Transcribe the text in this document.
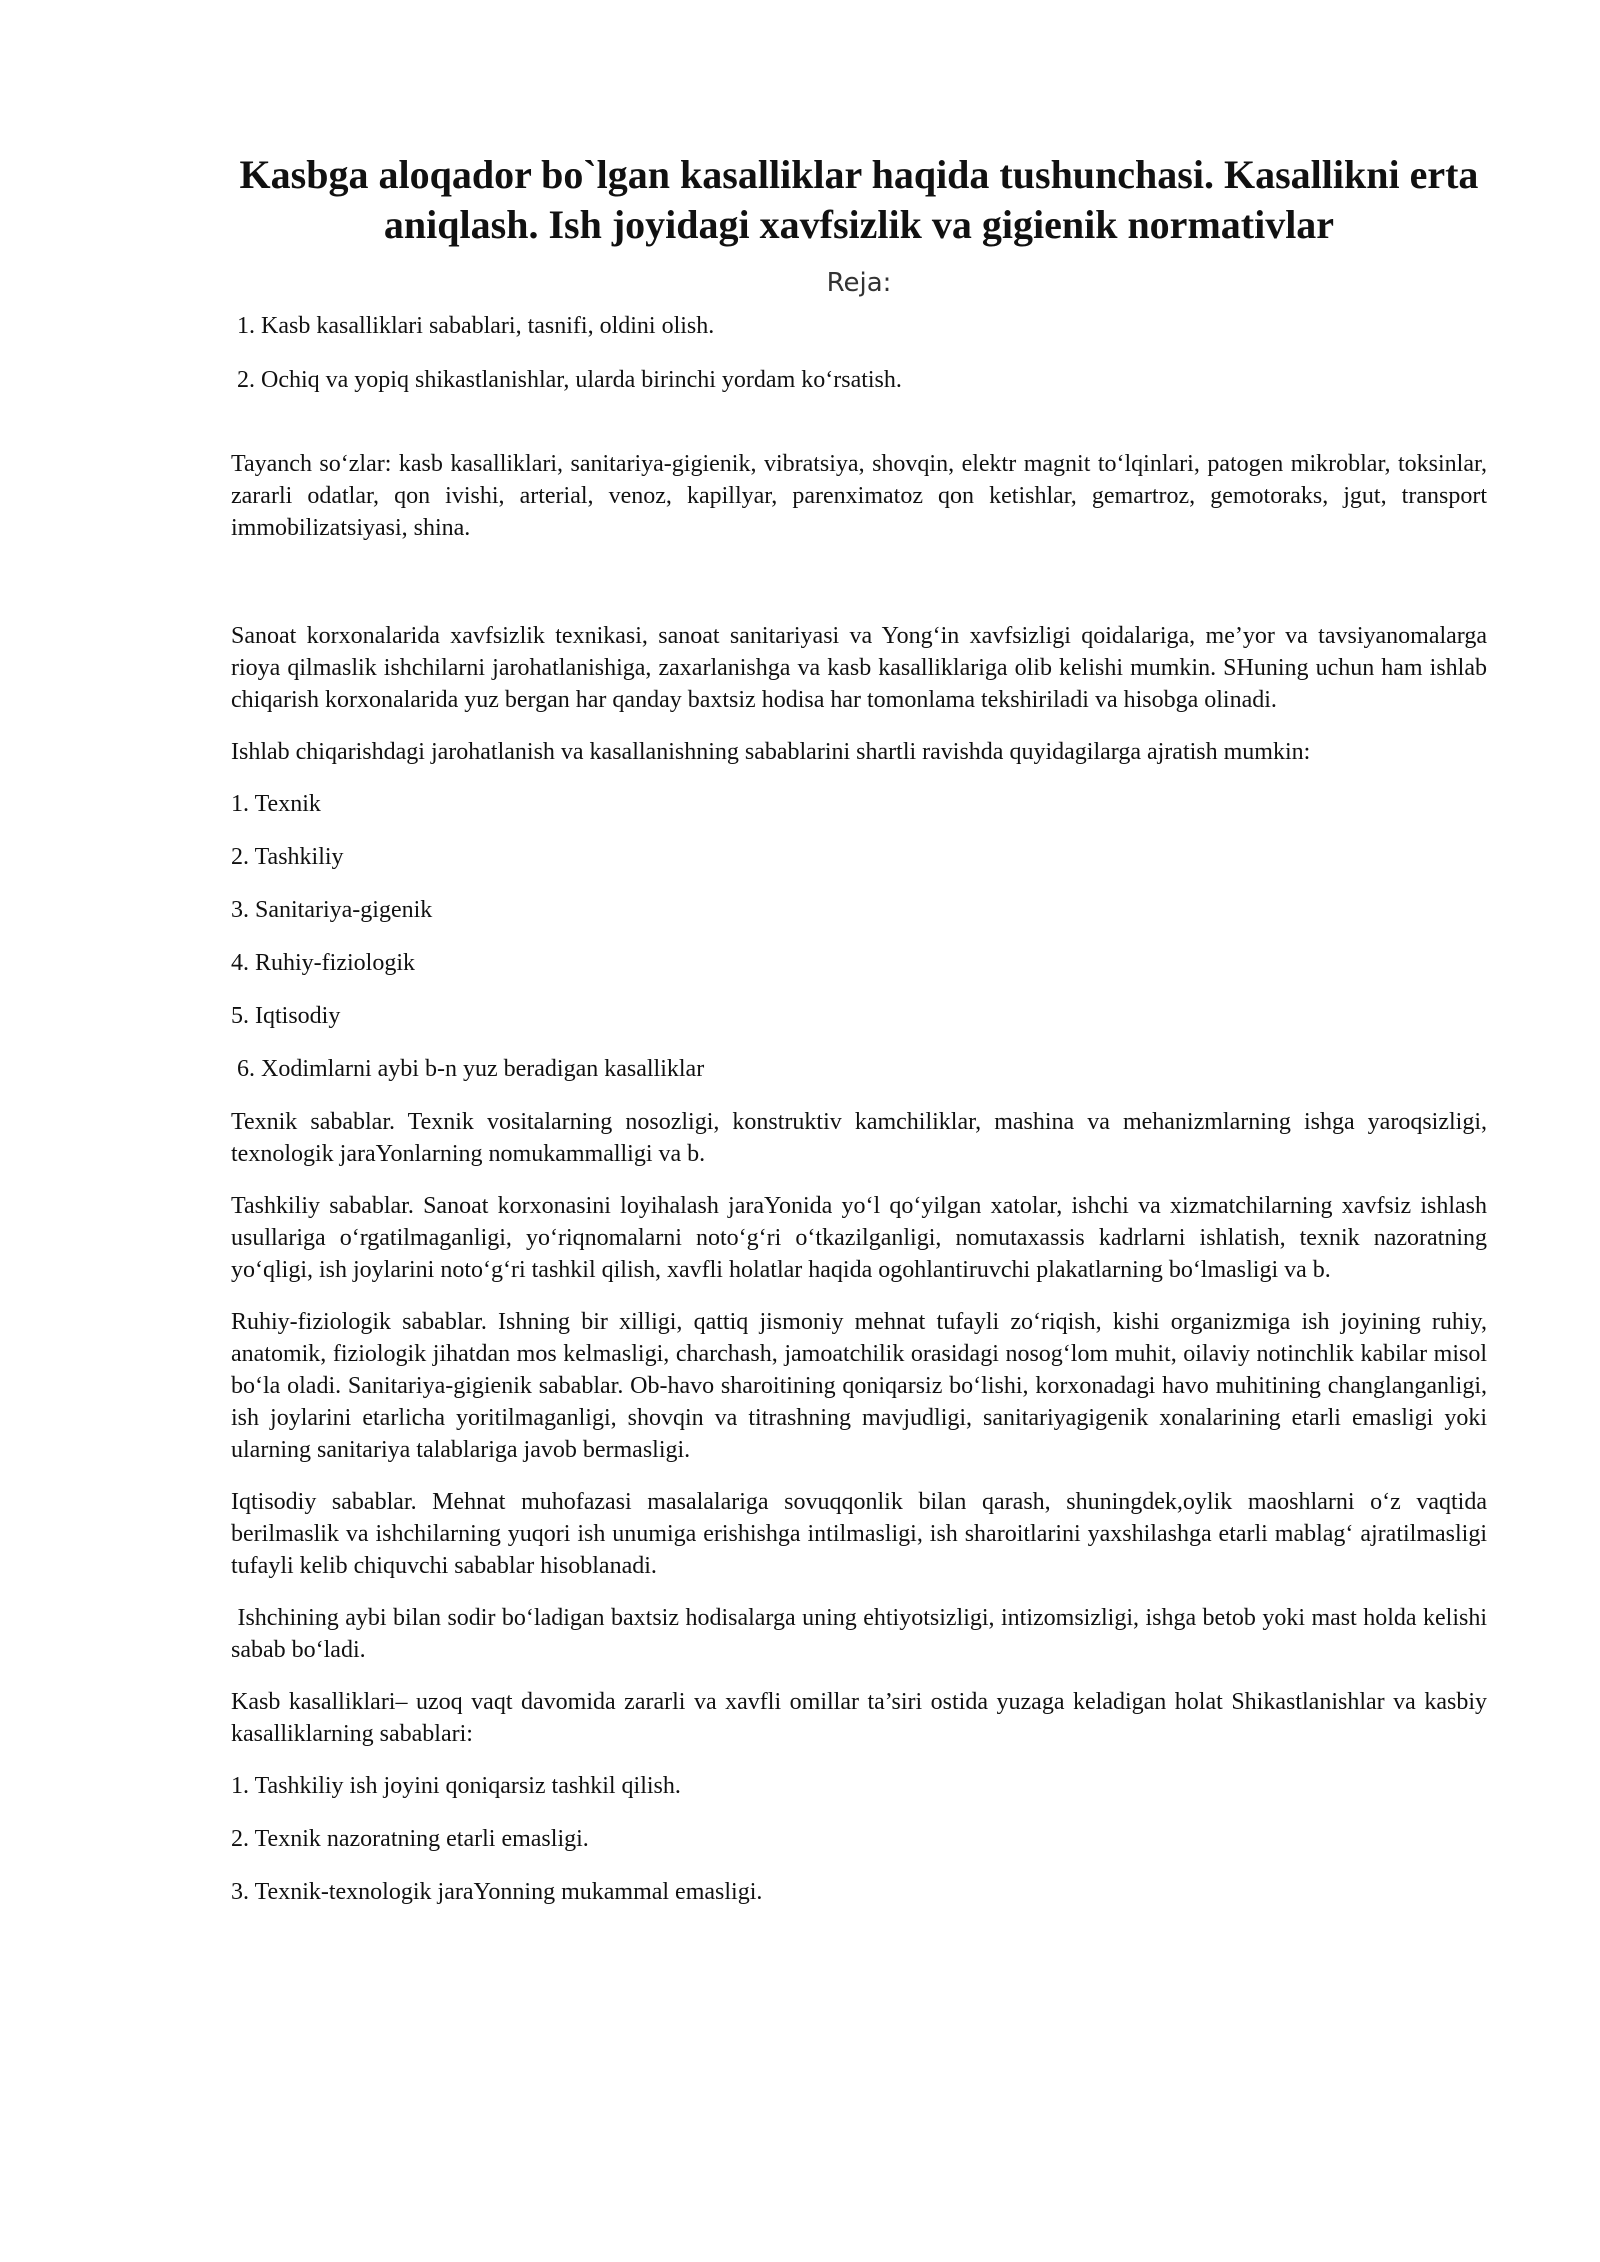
Kasbga aloqador bo`lgan kasalliklar haqida tushunchasi. Kasallikni erta aniqlash. Ish joyidagi xavfsizlik va gigienik normativlar
Reja:
1. Kasb kasalliklari sabablari, tasnifi, oldini olish.
2. Ochiq va yopiq shikastlanishlar, ularda birinchi yordam ko‘rsatish.

Tayanch so‘zlar: kasb kasalliklari, sanitariya-gigienik, vibratsiya, shovqin, elektr magnit to‘lqinlari, patogen mikroblar, toksinlar, zararli odatlar, qon ivishi, arterial, venoz, kapillyar, parenximatoz qon ketishlar, gemartroz, gemotoraks, jgut, transport immobilizatsiyasi, shina.

Sanoat korxonalarida xavfsizlik texnikasi, sanoat sanitariyasi va Yong‘in xavfsizligi qoidalariga, me’yor va tavsiyanomalarga rioya qilmaslik ishchilarni jarohatlanishiga, zaxarlanishga va kasb kasalliklariga olib kelishi mumkin. SHuning uchun ham ishlab chiqarish korxonalarida yuz bergan har qanday baxtsiz hodisa har tomonlama tekshiriladi va hisobga olinadi.

Ishlab chiqarishdagi jarohatlanish va kasallanishning sabablarini shartli ravishda quyidagilarga ajratish mumkin:

1. Texnik
2. Tashkiliy
3. Sanitariya-gigenik
4. Ruhiy-fiziologik
5. Iqtisodiy
6. Xodimlarni aybi b-n yuz beradigan kasalliklar

Texnik sabablar. Texnik vositalarning nosozligi, konstruktiv kamchiliklar, mashina va mehanizmlarning ishga yaroqsizligi, texnologik jaraYonlarning nomukammalligi va b.

Tashkiliy sabablar. Sanoat korxonasini loyihalash jaraYonida yo‘l qo‘yilgan xatolar, ishchi va xizmatchilarning xavfsiz ishlash usullariga o‘rgatilmaganligi, yo‘riqnomalarni noto‘g‘ri o‘tkazilganligi, nomutaxassis kadrlarni ishlatish, texnik nazoratning yo‘qligi, ish joylarini noto‘g‘ri tashkil qilish, xavfli holatlar haqida ogohlantiruvchi plakatlarning bo‘lmasligi va b.

Ruhiy-fiziologik sabablar. Ishning bir xilligi, qattiq jismoniy mehnat tufayli zo‘riqish, kishi organizmiga ish joyining ruhiy, anatomik, fiziologik jihatdan mos kelmasligi, charchash, jamoatchilik orasidagi nosog‘lom muhit, oilaviy notinchlik kabilar misol bo‘la oladi. Sanitariya-gigienik sabablar. Ob-havo sharoitining qoniqarsiz bo‘lishi, korxonadagi havo muhitining changlanganligi, ish joylarini etarlicha yoritilmaganligi, shovqin va titrashning mavjudligi, sanitariyagigenik xonalarining etarli emasligi yoki ularning sanitariya talablariga javob bermasligi.

Iqtisodiy sabablar. Mehnat muhofazasi masalalariga sovuqqonlik bilan qarash, shuningdek,oylik maoshlarni o‘z vaqtida berilmaslik va ishchilarning yuqori ish unumiga erishishga intilmasligi, ish sharoitlarini yaxshilashga etarli mablag‘ ajratilmasligi tufayli kelib chiquvchi sabablar hisoblanadi.

Ishchining aybi bilan sodir bo‘ladigan baxtsiz hodisalarga uning ehtiyotsizligi, intizomsizligi, ishga betob yoki mast holda kelishi sabab bo‘ladi.

Kasb kasalliklari– uzoq vaqt davomida zararli va xavfli omillar ta’siri ostida yuzaga keladigan holat Shikastlanishlar va kasbiy kasalliklarning sabablari:

1. Tashkiliy ish joyini qoniqarsiz tashkil qilish.
2. Texnik nazoratning etarli emasligi.
3. Texnik-texnologik jaraYonning mukammal emasligi.
